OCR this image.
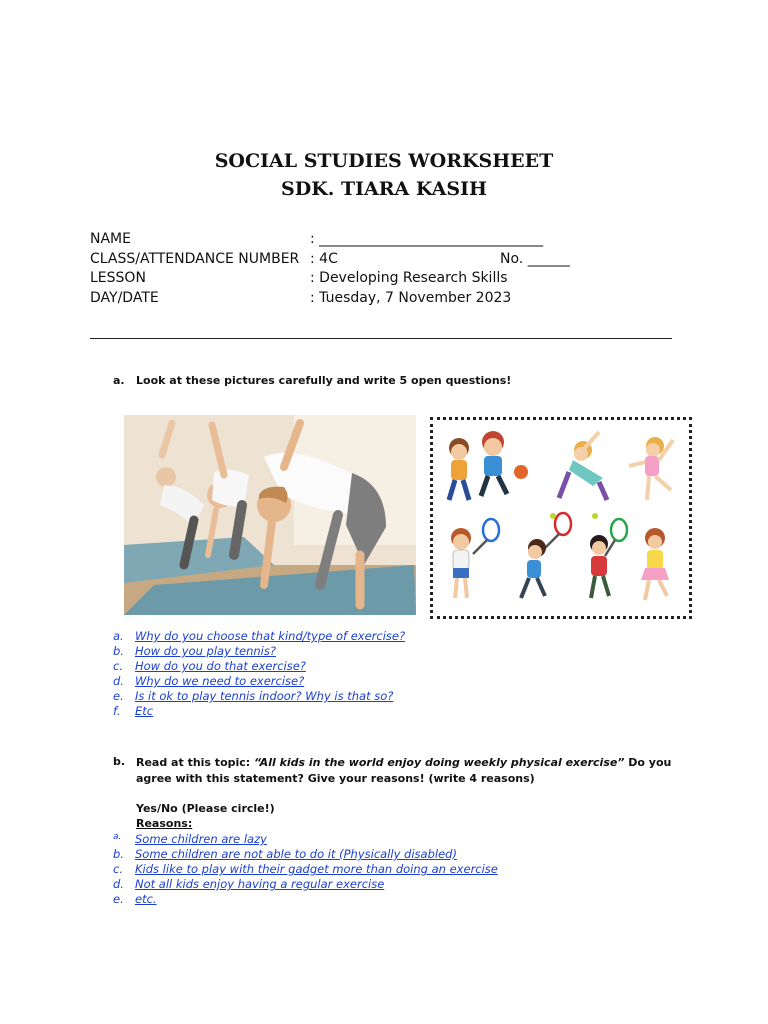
SOCIAL STUDIES WORKSHEET
SDK. TIARA KASIH
NAME	: ________________________________
CLASS/ATTENDANCE NUMBER : 4C	No. ______
LESSON	: Developing Research Skills
DAY/DATE	: Tuesday, 7 November 2023
a. Look at these pictures carefully and write 5 open questions!
a. Why do you choose that kind/type of exercise?
b. How do you play tennis?
c. How do you do that exercise?
d. Why do we need to exercise?
e. Is it ok to play tennis indoor? Why is that so?
f. Etc
b. Read at this topic: “All kids in the world enjoy doing weekly physical exercise” Do you agree with this statement? Give your reasons! (write 4 reasons)
Yes/No (Please circle!)
Reasons:
a. Some children are lazy
b. Some children are not able to do it (Physically disabled)
c. Kids like to play with their gadget more than doing an exercise
d. Not all kids enjoy having a regular exercise
e. etc.
